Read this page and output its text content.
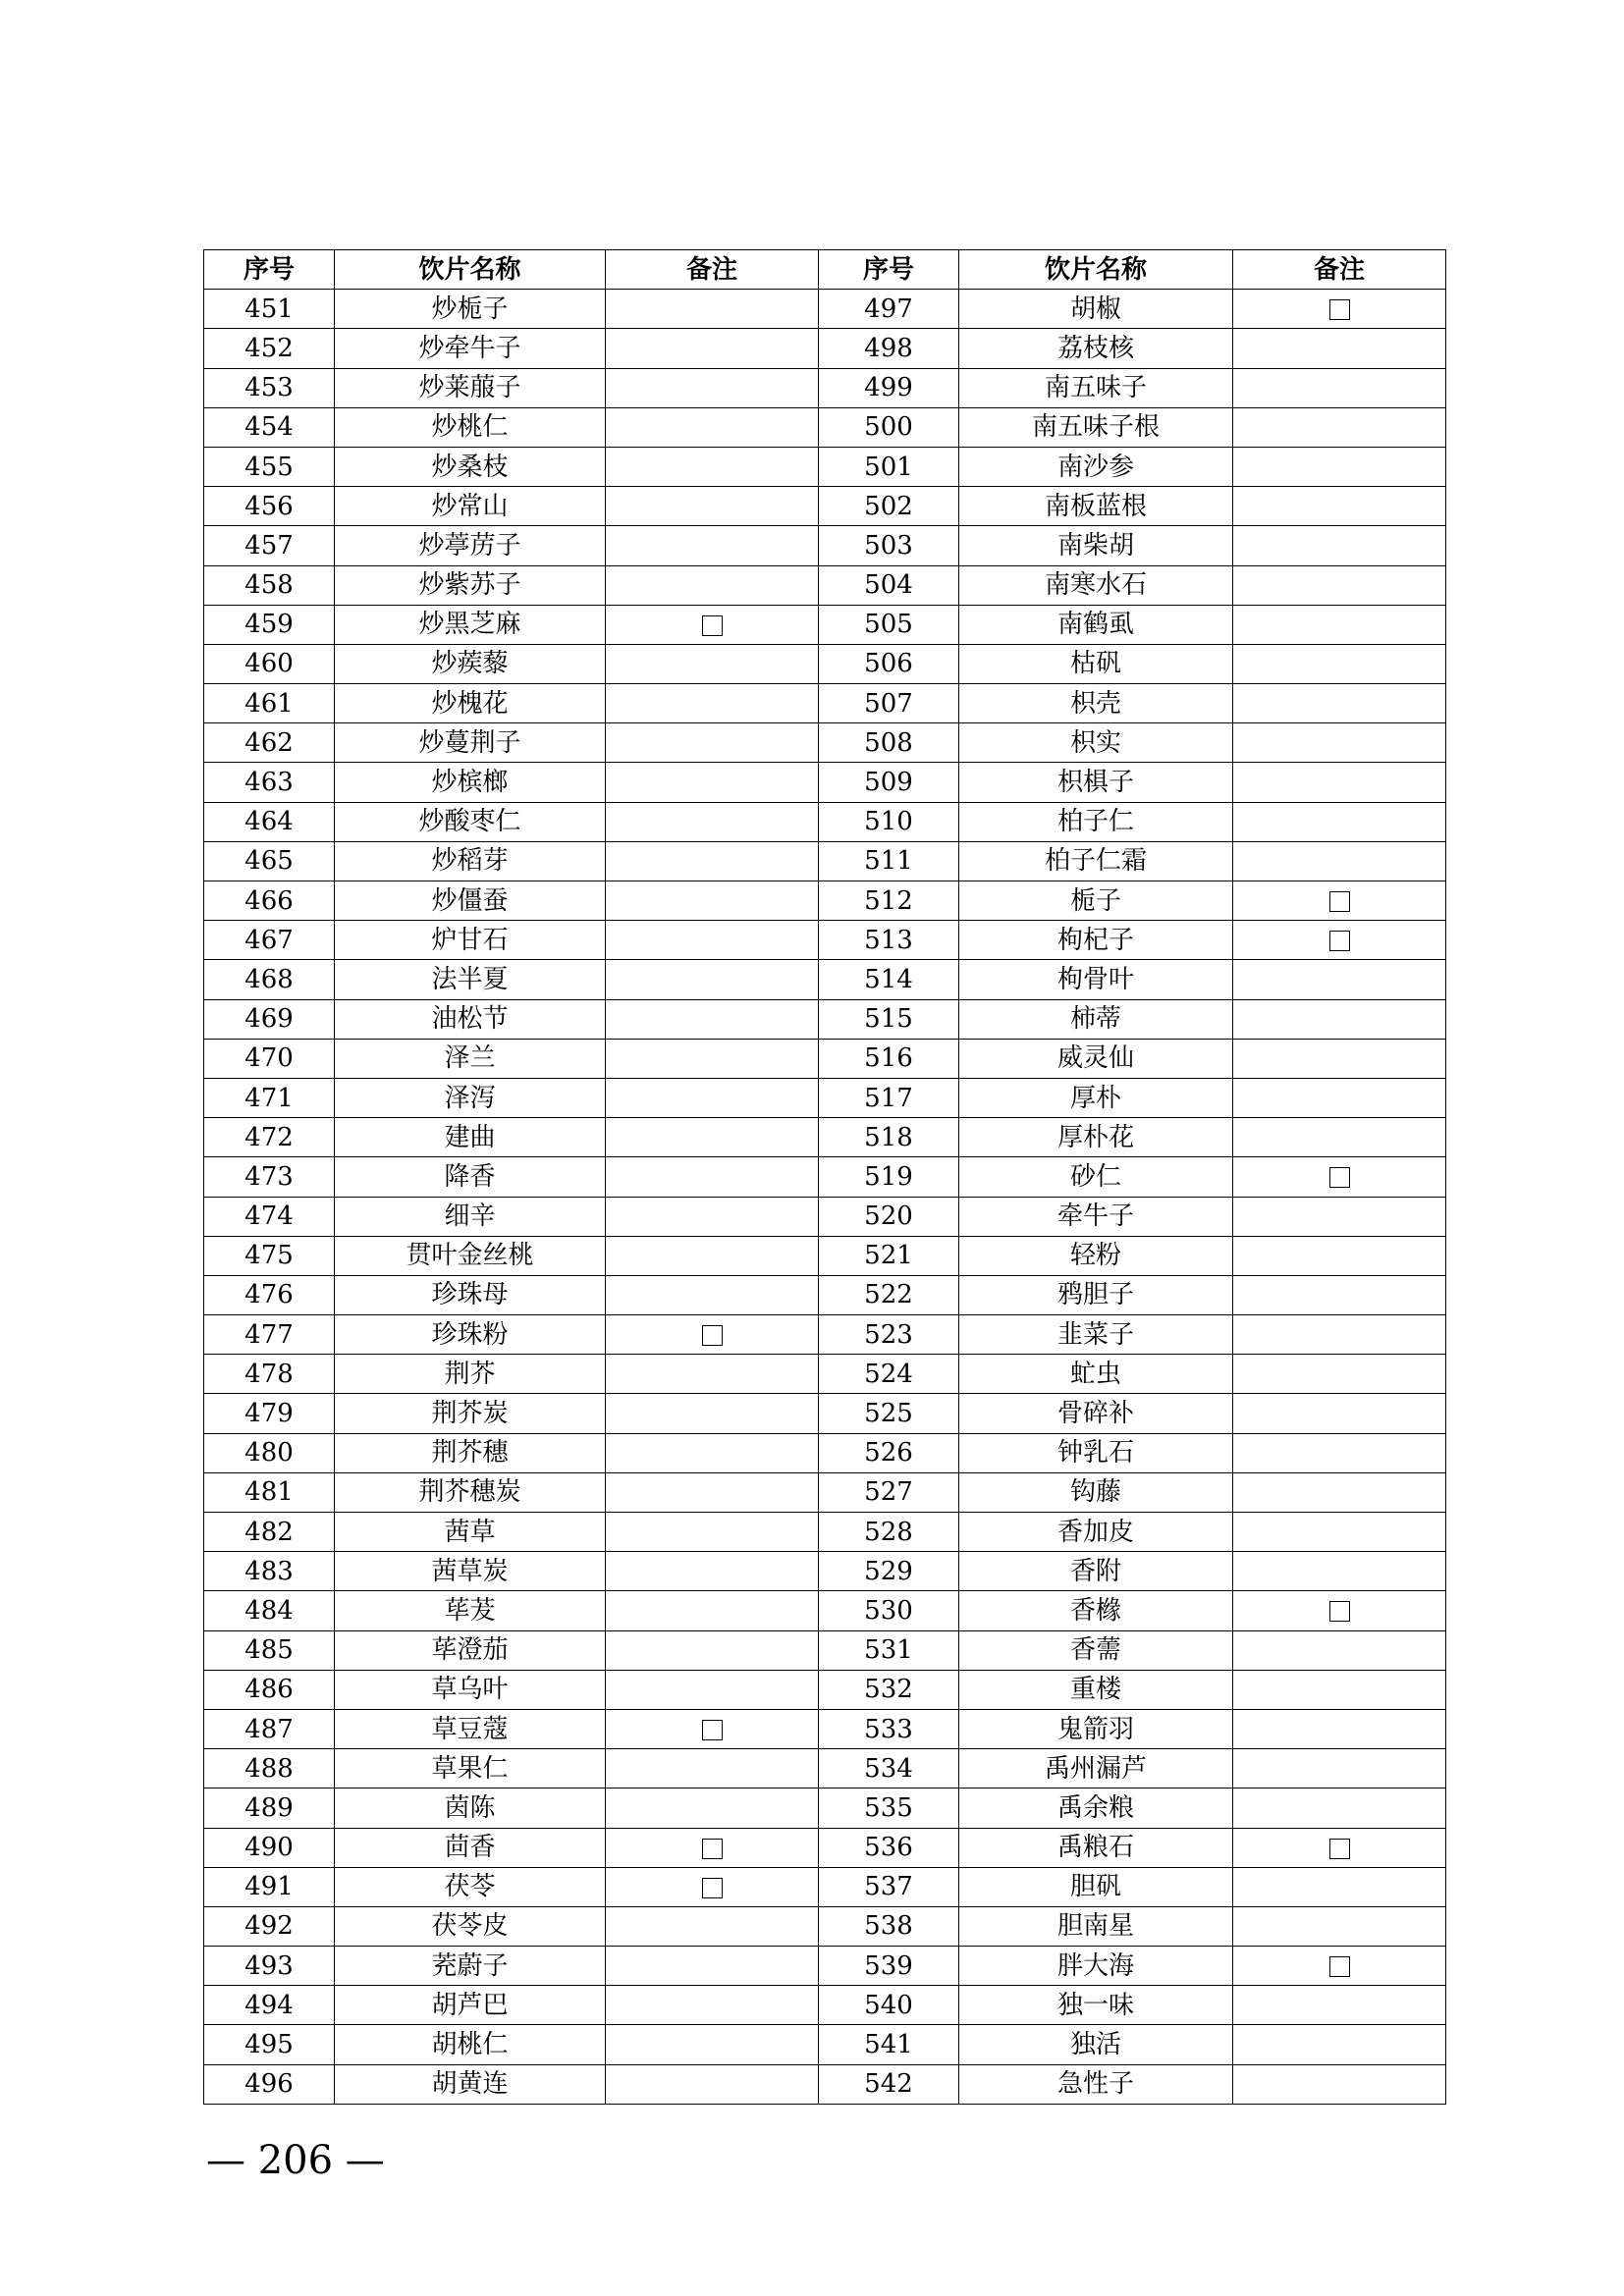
序号	饮片名称	备注	序号	饮片名称	备注
451	炒栀子		497	胡椒	
452	炒牵牛子		498	荔枝核	
453	炒莱菔子		499	南五味子	
454	炒桃仁		500	南五味子根	
455	炒桑枝		501	南沙参	
456	炒常山		502	南板蓝根	
457	炒葶苈子		503	南柴胡	
458	炒紫苏子		504	南寒水石	
459	炒黑芝麻		505	南鹤虱	
460	炒蒺藜		506	枯矾	
461	炒槐花		507	枳壳	
462	炒蔓荆子		508	枳实	
463	炒槟榔		509	枳椇子	
464	炒酸枣仁		510	柏子仁	
465	炒稻芽		511	柏子仁霜	
466	炒僵蚕		512	栀子	
467	炉甘石		513	枸杞子	
468	法半夏		514	枸骨叶	
469	油松节		515	柿蒂	
470	泽兰		516	威灵仙	
471	泽泻		517	厚朴	
472	建曲		518	厚朴花	
473	降香		519	砂仁	
474	细辛		520	牵牛子	
475	贯叶金丝桃		521	轻粉	
476	珍珠母		522	鸦胆子	
477	珍珠粉		523	韭菜子	
478	荆芥		524	虻虫	
479	荆芥炭		525	骨碎补	
480	荆芥穗		526	钟乳石	
481	荆芥穗炭		527	钩藤	
482	茜草		528	香加皮	
483	茜草炭		529	香附	
484	荜茇		530	香橼	
485	荜澄茄		531	香薷	
486	草乌叶		532	重楼	
487	草豆蔻		533	鬼箭羽	
488	草果仁		534	禹州漏芦	
489	茵陈		535	禹余粮	
490	茴香		536	禹粮石	
491	茯苓		537	胆矾	
492	茯苓皮		538	胆南星	
493	茺蔚子		539	胖大海	
494	胡芦巴		540	独一味	
495	胡桃仁		541	独活	
496	胡黄连		542	急性子	
— 206 —
